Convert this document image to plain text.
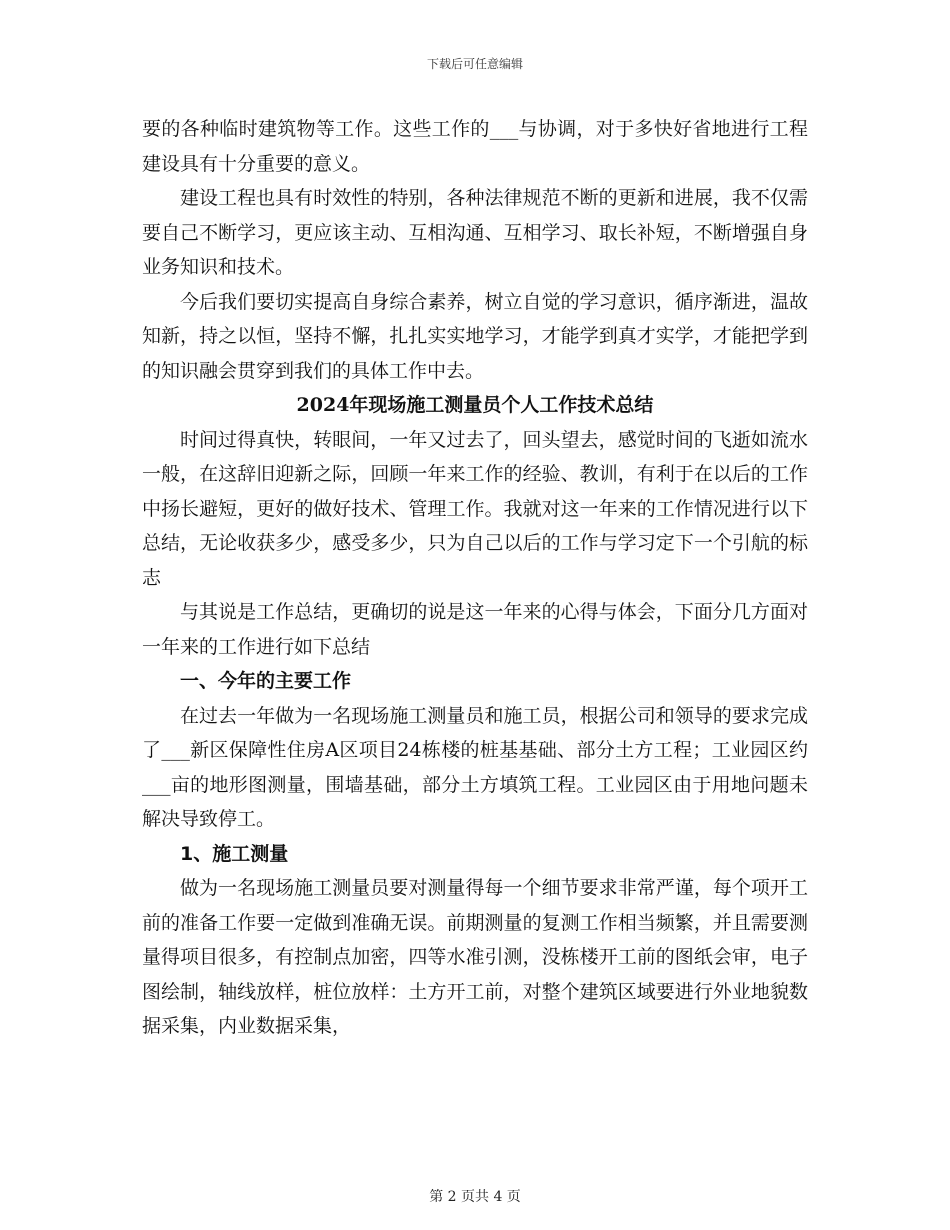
下载后可任意编辑

要的各种临时建筑物等工作。这些工作的___与协调，对于多快好省地进行工程建设具有十分重要的意义。

建设工程也具有时效性的特别，各种法律规范不断的更新和进展，我不仅需要自己不断学习，更应该主动、互相沟通、互相学习、取长补短，不断增强自身业务知识和技术。

今后我们要切实提高自身综合素养，树立自觉的学习意识，循序渐进，温故知新，持之以恒，坚持不懈，扎扎实实地学习，才能学到真才实学，才能把学到的知识融会贯穿到我们的具体工作中去。

2024年现场施工测量员个人工作技术总结

时间过得真快，转眼间，一年又过去了，回头望去，感觉时间的飞逝如流水一般，在这辞旧迎新之际，回顾一年来工作的经验、教训，有利于在以后的工作中扬长避短，更好的做好技术、管理工作。我就对这一年来的工作情况进行以下总结，无论收获多少，感受多少，只为自己以后的工作与学习定下一个引航的标志

与其说是工作总结，更确切的说是这一年来的心得与体会，下面分几方面对一年来的工作进行如下总结

一、今年的主要工作

在过去一年做为一名现场施工测量员和施工员，根据公司和领导的要求完成了___新区保障性住房A区项目24栋楼的桩基基础、部分土方工程；工业园区约___亩的地形图测量，围墙基础，部分土方填筑工程。工业园区由于用地问题未解决导致停工。

1、施工测量

做为一名现场施工测量员要对测量得每一个细节要求非常严谨，每个项开工前的准备工作要一定做到准确无误。前期测量的复测工作相当频繁，并且需要测量得项目很多，有控制点加密，四等水准引测，没栋楼开工前的图纸会审，电子图绘制，轴线放样，桩位放样：土方开工前，对整个建筑区域要进行外业地貌数据采集，内业数据采集，

第 2 页共 4 页
